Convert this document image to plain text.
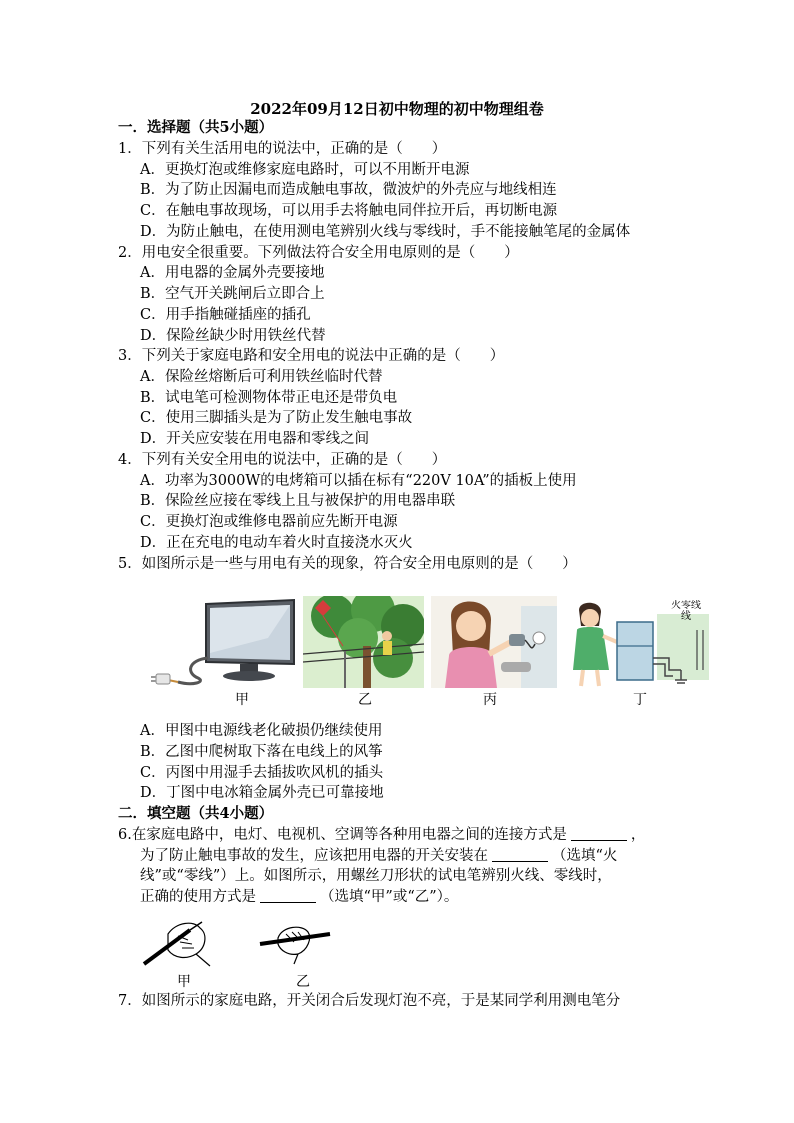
2022年09月12日初中物理的初中物理组卷
一．选择题（共5小题）
1．下列有关生活用电的说法中，正确的是（　　）
A．更换灯泡或维修家庭电路时，可以不用断开电源
B．为了防止因漏电而造成触电事故，微波炉的外壳应与地线相连
C．在触电事故现场，可以用手去将触电同伴拉开后，再切断电源
D．为防止触电，在使用测电笔辨别火线与零线时，手不能接触笔尾的金属体
2．用电安全很重要。下列做法符合安全用电原则的是（　　）
A．用电器的金属外壳要接地
B．空气开关跳闸后立即合上
C．用手指触碰插座的插孔
D．保险丝缺少时用铁丝代替
3．下列关于家庭电路和安全用电的说法中正确的是（　　）
A．保险丝熔断后可利用铁丝临时代替
B．试电笔可检测物体带正电还是带负电
C．使用三脚插头是为了防止发生触电事故
D．开关应安装在用电器和零线之间
4．下列有关安全用电的说法中，正确的是（　　）
A．功率为3000W的电烤箱可以插在标有“220V 10A”的插板上使用
B．保险丝应接在零线上且与被保护的用电器串联
C．更换灯泡或维修电器前应先断开电源
D．正在充电的电动车着火时直接浇水灭火
5．如图所示是一些与用电有关的现象，符合安全用电原则的是（　　）
甲	乙	丙
火零线线
丁
A．甲图中电源线老化破损仍继续使用
B．乙图中爬树取下落在电线上的风筝
C．丙图中用湿手去插拔吹风机的插头
D．丁图中电冰箱金属外壳已可靠接地
二．填空题（共4小题）
6.在家庭电路中，电灯、电视机、空调等各种用电器之间的连接方式是	，
为了防止触电事故的发生，应该把用电器的开关安装在	（选填“火
线”或“零线”）上。如图所示，用螺丝刀形状的试电笔辨别火线、零线时，
正确的使用方式是	（选填“甲”或“乙”）。
甲	乙
7．如图所示的家庭电路，开关闭合后发现灯泡不亮，于是某同学利用测电笔分
